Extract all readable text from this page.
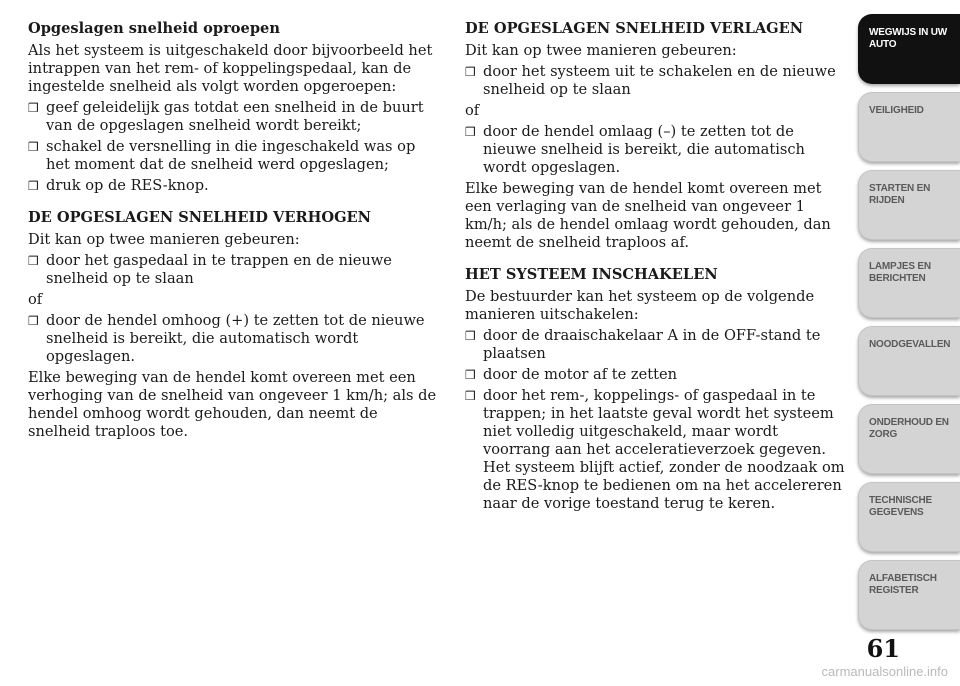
Opgeslagen snelheid oproepen

Als het systeem is uitgeschakeld door bijvoorbeeld het intrappen van het rem- of koppelingspedaal, kan de ingestelde snelheid als volgt worden opgeroepen:

❒ geef geleidelijk gas totdat een snelheid in de buurt van de opgeslagen snelheid wordt bereikt;
❒ schakel de versnelling in die ingeschakeld was op het moment dat de snelheid werd opgeslagen;
❒ druk op de RES-knop.
DE OPGESLAGEN SNELHEID VERHOGEN

Dit kan op twee manieren gebeuren:

❒ door het gaspedaal in te trappen en de nieuwe snelheid op te slaan

of

❒ door de hendel omhoog (+) te zetten tot de nieuwe snelheid is bereikt, die automatisch wordt opgeslagen.

Elke beweging van de hendel komt overeen met een verhoging van de snelheid van ongeveer 1 km/h; als de hendel omhoog wordt gehouden, dan neemt de snelheid traploos toe.

DE OPGESLAGEN SNELHEID VERLAGEN

Dit kan op twee manieren gebeuren:

❒ door het systeem uit te schakelen en de nieuwe snelheid op te slaan

of

❒ door de hendel omlaag (–) te zetten tot de nieuwe snelheid is bereikt, die automatisch wordt opgeslagen.

Elke beweging van de hendel komt overeen met een verlaging van de snelheid van ongeveer 1 km/h; als de hendel omlaag wordt gehouden, dan neemt de snelheid traploos af.

HET SYSTEEM INSCHAKELEN

De bestuurder kan het systeem op de volgende manieren uitschakelen:

❒ door de draaischakelaar A in de OFF-stand te plaatsen
❒ door de motor af te zetten
❒ door het rem-, koppelings- of gaspedaal in te trappen; in het laatste geval wordt het systeem niet volledig uitgeschakeld, maar wordt voorrang aan het acceleratieverzoek gegeven. Het systeem blijft actief, zonder de noodzaak om de RES-knop te bedienen om na het accelereren naar de vorige toestand terug te keren.
WEGWIJS IN UW
AUTO
VEILIGHEID
STARTEN EN
RIJDEN
LAMPJES EN
BERICHTEN
NOODGEVALLEN
ONDERHOUD EN
ZORG
TECHNISCHE
GEGEVENS
ALFABETISCH
REGISTER
61
carmanualsonline.info
